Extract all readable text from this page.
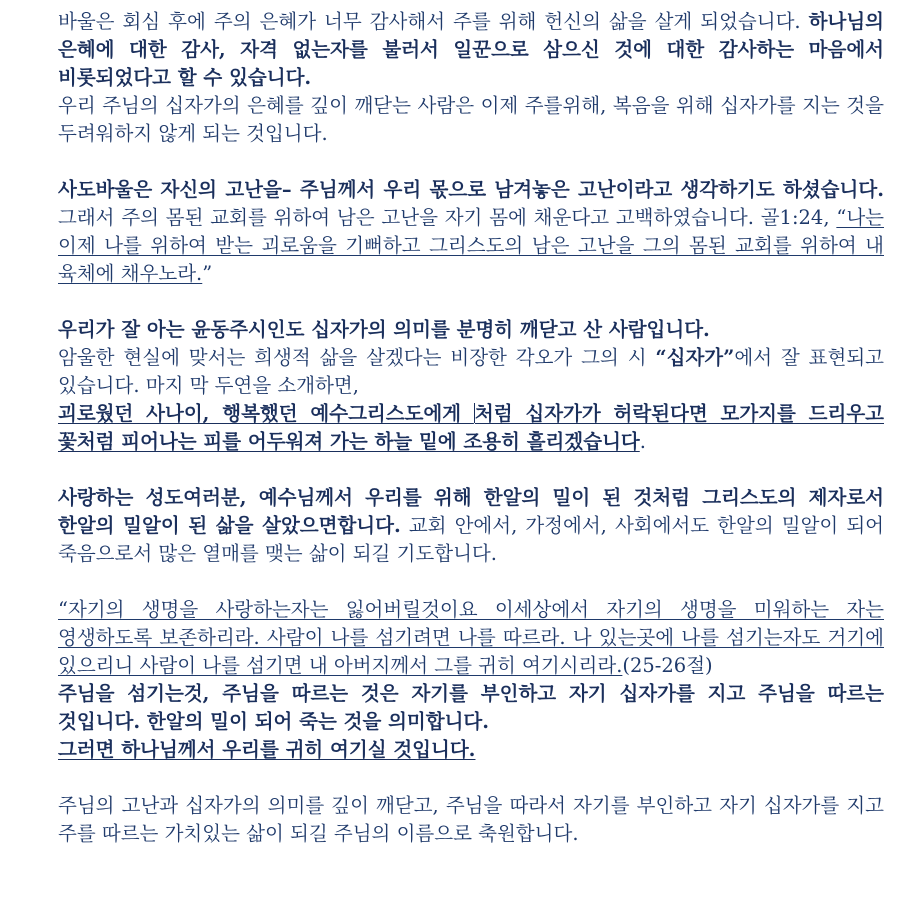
바울은 회심 후에 주의 은혜가 너무 감사해서 주를 위해 헌신의 삶을 살게 되었습니다. 하나님의 은혜에 대한 감사, 자격 없는자를 불러서 일꾼으로 삼으신 것에 대한 감사하는 마음에서 비롯되었다고 할 수 있습니다.

우리 주님의 십자가의 은혜를 깊이 깨닫는 사람은 이제 주를위해, 복음을 위해 십자가를 지는 것을 두려워하지 않게 되는 것입니다.

사도바울은 자신의 고난을– 주님께서 우리 몫으로 남겨놓은 고난이라고 생각하기도 하셨습니다. 그래서 주의 몸된 교회를 위하여 남은 고난을 자기 몸에 채운다고 고백하였습니다. 골1:24, “나는 이제 나를 위하여 받는 괴로움을 기뻐하고 그리스도의 남은 고난을 그의 몸된 교회를 위하여 내 육체에 채우노라.”

우리가 잘 아는 윤동주시인도 십자가의 의미를 분명히 깨닫고 산 사람입니다.

암울한 현실에 맞서는 희생적 삶을 살겠다는 비장한 각오가 그의 시 “십자가”에서 잘 표현되고 있습니다. 마지 막 두연을 소개하면,

괴로웠던 사나이, 행복했던 예수그리스도에게 처럼 십자가가 허락된다면 모가지를 드리우고 꽃처럼 피어나는 피를 어두워져 가는 하늘 밑에 조용히 흘리겠습니다.

사랑하는 성도여러분, 예수님께서 우리를 위해 한알의 밀이 된 것처럼 그리스도의 제자로서 한알의 밀알이 된 삶을 살았으면합니다. 교회 안에서, 가정에서, 사회에서도 한알의 밀알이 되어 죽음으로서 많은 열매를 맺는 삶이 되길 기도합니다.

“자기의 생명을 사랑하는자는 잃어버릴것이요 이세상에서 자기의 생명을 미워하는 자는 영생하도록 보존하리라. 사람이 나를 섬기려면 나를 따르라. 나 있는곳에 나를 섬기는자도 거기에 있으리니 사람이 나를 섬기면 내 아버지께서 그를 귀히 여기시리라.(25-26절)

주님을 섬기는것, 주님을 따르는 것은 자기를 부인하고 자기 십자가를 지고 주님을 따르는 것입니다. 한알의 밀이 되어 죽는 것을 의미합니다.

그러면 하나님께서 우리를 귀히 여기실 것입니다.

주님의 고난과 십자가의 의미를 깊이 깨닫고, 주님을 따라서 자기를 부인하고 자기 십자가를 지고 주를 따르는 가치있는 삶이 되길 주님의 이름으로 축원합니다.
